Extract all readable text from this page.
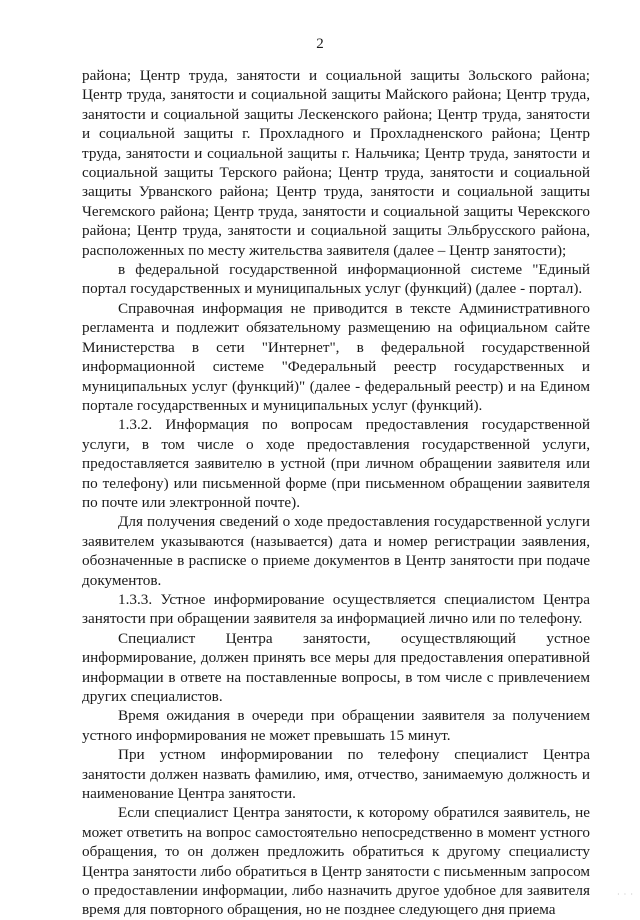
2

района; Центр труда, занятости и социальной защиты Зольского района; Центр труда, занятости и социальной защиты Майского района; Центр труда, занятости и социальной защиты Лескенского района; Центр труда, занятости и социальной защиты г. Прохладного и Прохладненского района; Центр труда, занятости и социальной защиты г. Нальчика; Центр труда, занятости и социальной защиты Терского района; Центр труда, занятости и социальной защиты Урванского района; Центр труда, занятости и социальной защиты Чегемского района; Центр труда, занятости и социальной защиты Черекского района; Центр труда, занятости и социальной защиты Эльбрусского района, расположенных по месту жительства заявителя (далее – Центр занятости);

в федеральной государственной информационной системе "Единый портал государственных и муниципальных услуг (функций) (далее - портал).

Справочная информация не приводится в тексте Административного регламента и подлежит обязательному размещению на официальном сайте Министерства в сети "Интернет", в федеральной государственной информационной системе "Федеральный реестр государственных и муниципальных услуг (функций)" (далее - федеральный реестр) и на Едином портале государственных и муниципальных услуг (функций).

1.3.2. Информация по вопросам предоставления государственной услуги, в том числе о ходе предоставления государственной услуги, предоставляется заявителю в устной (при личном обращении заявителя или по телефону) или письменной форме (при письменном обращении заявителя по почте или электронной почте).

Для получения сведений о ходе предоставления государственной услуги заявителем указываются (называется) дата и номер регистрации заявления, обозначенные в расписке о приеме документов в Центр занятости при подаче документов.

1.3.3. Устное информирование осуществляется специалистом Центра занятости при обращении заявителя за информацией лично или по телефону.

Специалист Центра занятости, осуществляющий устное информирование, должен принять все меры для предоставления оперативной информации в ответе на поставленные вопросы, в том числе с привлечением других специалистов.

Время ожидания в очереди при обращении заявителя за получением устного информирования не может превышать 15 минут.

При устном информировании по телефону специалист Центра занятости должен назвать фамилию, имя, отчество, занимаемую должность и наименование Центра занятости.

Если специалист Центра занятости, к которому обратился заявитель, не может ответить на вопрос самостоятельно непосредственно в момент устного обращения, то он должен предложить обратиться к другому специалисту Центра занятости либо обратиться в Центр занятости с письменным запросом о предоставлении информации, либо назначить другое удобное для заявителя время для повторного обращения, но не позднее следующего дня приема

· · ·
